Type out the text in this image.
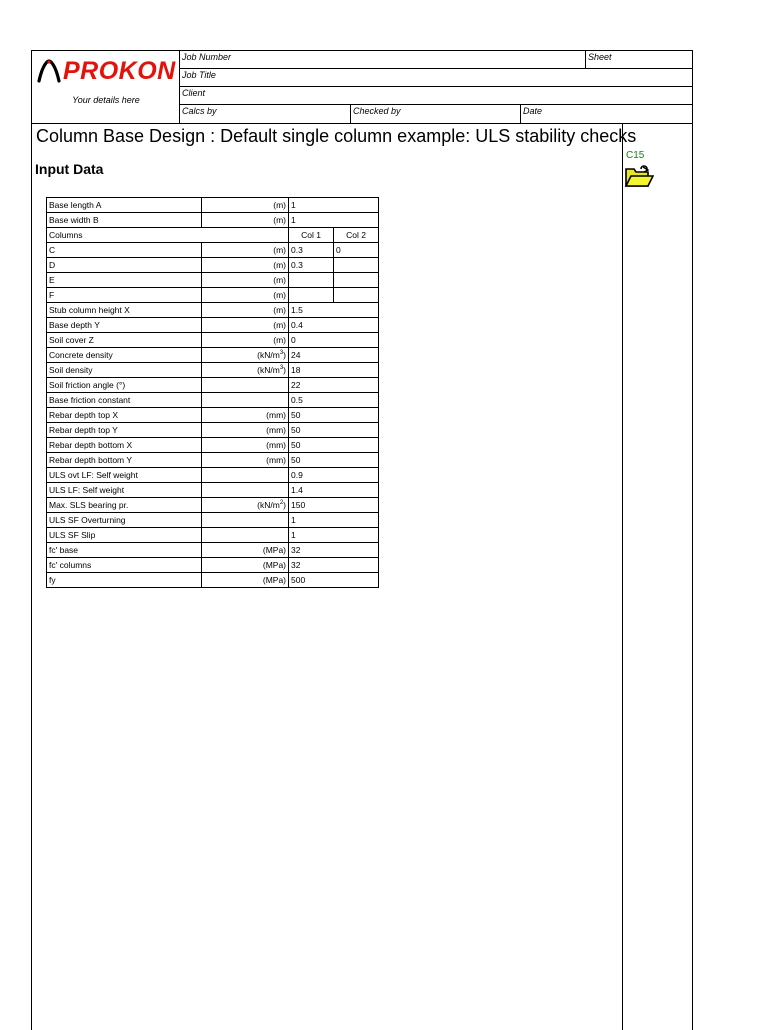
PROKON
Your details here
Job Number	Sheet
Job Title
Client
Calcs by	Checked by	Date
Column Base Design : Default single column example: ULS stability checks
Input Data
C15
Base length A	(m)	1	
Base width B	(m)	1	
Columns		Col 1	Col 2
C	(m)	0.3	0
D	(m)	0.3	
E	(m)		
F	(m)		
Stub column height X	(m)	1.5	
Base depth Y	(m)	0.4	
Soil cover Z	(m)	0	
Concrete density	$(kN/m^3)$	24	
Soil density	$(kN/m^3)$	18	
Soil friction angle (°)		22	
Base friction constant		0.5	
Rebar depth top X	(mm)	50	
Rebar depth top Y	(mm)	50	
Rebar depth bottom X	(mm)	50	
Rebar depth bottom Y	(mm)	50	
ULS ovt LF: Self weight		0.9	
ULS LF: Self weight		1.4	
Max. SLS bearing pr.	$(kN/m^2)$	150	
ULS SF Overturning		1	
ULS SF Slip		1	
fc' base	(MPa)	32	
fc' columns	(MPa)	32	
fy	(MPa)	500	
